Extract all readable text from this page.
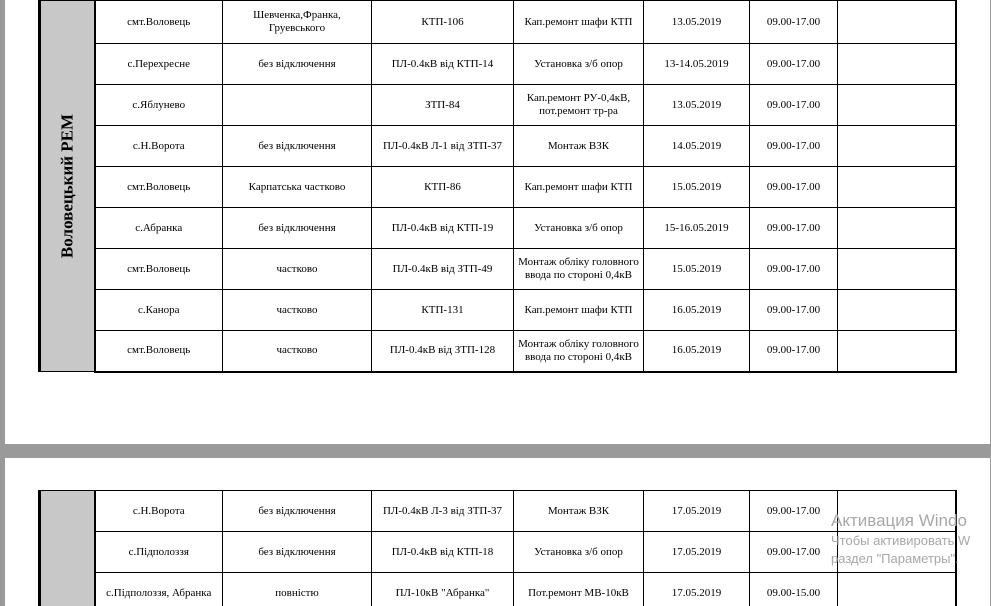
Воловецький РЕМ	смт.Воловець	Шевченка,Франка, Груевського	КТП-106	Кап.ремонт шафи КТП	13.05.2019	09.00-17.00	
	с.Перехресне	без відключення	ПЛ-0.4кВ від КТП-14	Установка з/б опор	13-14.05.2019	09.00-17.00	
	с.Яблунево		ЗТП-84	Кап.ремонт РУ-0,4кВ, пот.ремонт тр-ра	13.05.2019	09.00-17.00	
	с.Н.Ворота	без відключення	ПЛ-0.4кВ Л-1 від ЗТП-37	Монтаж ВЗК	14.05.2019	09.00-17.00	
	смт.Воловець	Карпатська частково	КТП-86	Кап.ремонт шафи КТП	15.05.2019	09.00-17.00	
	с.Абранка	без відключення	ПЛ-0.4кВ від КТП-19	Установка з/б опор	15-16.05.2019	09.00-17.00	
	смт.Воловець	частково	ПЛ-0.4кВ від ЗТП-49	Монтаж обліку головного ввода по стороні 0,4кВ	15.05.2019	09.00-17.00	
	с.Канора	частково	КТП-131	Кап.ремонт шафи КТП	16.05.2019	09.00-17.00	
	смт.Воловець	частково	ПЛ-0.4кВ від ЗТП-128	Монтаж обліку головного ввода по стороні 0,4кВ	16.05.2019	09.00-17.00	
	с.Н.Ворота	без відключення	ПЛ-0.4кВ Л-3 від ЗТП-37	Монтаж ВЗК	17.05.2019	09.00-17.00	
	с.Підполоззя	без відключення	ПЛ-0.4кВ від КТП-18	Установка з/б опор	17.05.2019	09.00-17.00	
	с.Підполоззя, Абранка	повністю	ПЛ-10кВ "Абранка"	Пот.ремонт МВ-10кВ	17.05.2019	09.00-15.00	
Активация Windo
Чтобы активировать W
раздел "Параметры".
